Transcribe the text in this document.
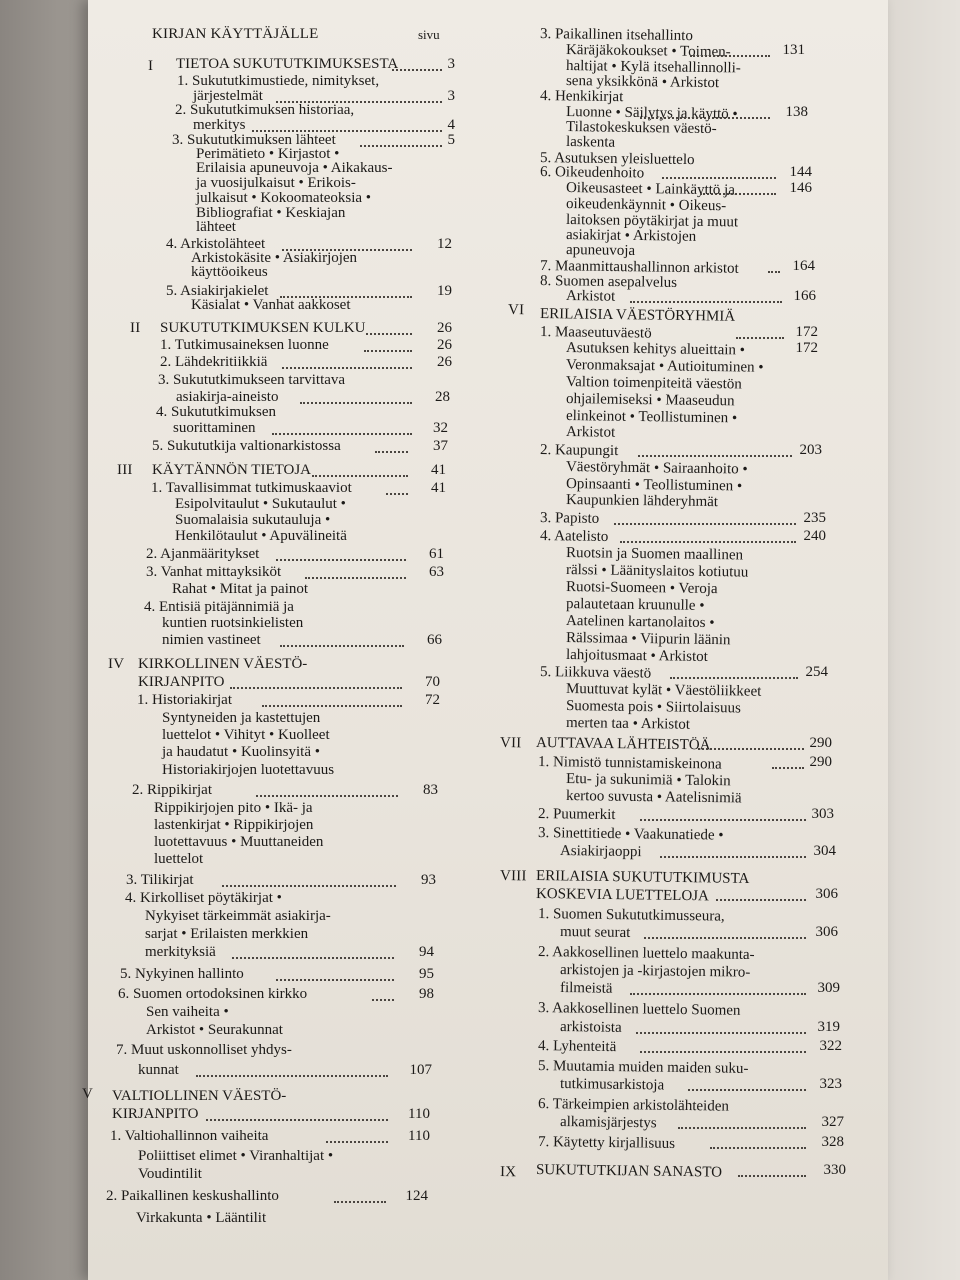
KIRJAN KÄYTTÄJÄLLE	sivu
I TIETOA SUKUTUTKIMUKSESTA	3
1. Sukututkimustiede, nimitykset,
järjestelmät	3
2. Sukututkimuksen historiaa,
merkitys	4
3. Sukututkimuksen lähteet	5
Perimätieto • Kirjastot •
Erilaisia apuneuvoja • Aikakaus-
ja vuosijulkaisut • Erikois-
julkaisut • Kokoomateoksia •
Bibliografiat • Keskiajan
lähteet
4. Arkistolähteet	12
Arkistokäsite • Asiakirjojen
käyttöoikeus
5. Asiakirjakielet	19
Käsialat • Vanhat aakkoset
II SUKUTUTKIMUKSEN KULKU	26
1. Tutkimusaineksen luonne	26
2. Lähdekritiikkiä	26
3. Sukututkimukseen tarvittava
asiakirja-aineisto	28
4. Sukututkimuksen
suorittaminen	32
5. Sukututkija valtionarkistossa	37
III KÄYTÄNNÖN TIETOJA	41
1. Tavallisimmat tutkimuskaaviot	41
Esipolvitaulut • Sukutaulut •
Suomalaisia sukutauluja •
Henkilötaulut • Apuvälineitä
2. Ajanmääritykset	61
3. Vanhat mittayksiköt	63
Rahat • Mitat ja painot
4. Entisiä pitäjännimiä ja
kuntien ruotsinkielisten
nimien vastineet	66
IV KIRKOLLINEN VÄESTÖ-
KIRJANPITO	70
1. Historiakirjat	72
Syntyneiden ja kastettujen
luettelot • Vihityt • Kuolleet
ja haudatut • Kuolinsyitä •
Historiakirjojen luotettavuus
2. Rippikirjat	83
Rippikirjojen pito • Ikä- ja
lastenkirjat • Rippikirjojen
luotettavuus • Muuttaneiden
luettelot
3. Tilikirjat	93
4. Kirkolliset pöytäkirjat •
Nykyiset tärkeimmät asiakirja-
sarjat • Erilaisten merkkien
merkityksiä	94
5. Nykyinen hallinto	95
6. Suomen ortodoksinen kirkko	98
Sen vaiheita •
Arkistot • Seurakunnat
7. Muut uskonnolliset yhdys-
kunnat	107
V VALTIOLLINEN VÄESTÖ-
KIRJANPITO	110
1. Valtiohallinnon vaiheita	110
Poliittiset elimet • Viranhaltijat •
Voudintilit
2. Paikallinen keskushallinto	124
Virkakunta • Lääntilit
3. Paikallinen itsehallinto
Käräjäkokoukset • Toimen-	131
haltijat • Kylä itsehallinnolli-
sena yksikkönä • Arkistot
4. Henkikirjat
Luonne • Säilytys ja käyttö •	138
Tilastokeskuksen väestö-
laskenta
5. Asutuksen yleisluettelo
6. Oikeudenhoito	144
Oikeusasteet • Lainkäyttö ja	146
oikeudenkäynnit • Oikeus-
laitoksen pöytäkirjat ja muut
asiakirjat • Arkistojen
apuneuvoja
7. Maanmittaushallinnon arkistot	164
8. Suomen asepalvelus
Arkistot	166
VI ERILAISIA VÄESTÖRYHMIÄ
1. Maaseutuväestö	172
Asutuksen kehitys alueittain •	172
Veronmaksajat • Autioituminen •
Valtion toimenpiteitä väestön
ohjailemiseksi • Maaseudun
elinkeinot • Teollistuminen •
Arkistot
2. Kaupungit	203
Väestöryhmät • Sairaanhoito •
Opinsaanti • Teollistuminen •
Kaupunkien lähderyhmät
3. Papisto	235
4. Aatelisto	240
Ruotsin ja Suomen maallinen
rälssi • Läänityslaitos kotiutuu
Ruotsi-Suomeen • Veroja
palautetaan kruunulle •
Aatelinen kartanolaitos •
Rälssimaa • Viipurin läänin
lahjoitusmaat • Arkistot
5. Liikkuva väestö	254
Muuttuvat kylät • Väestöliikkeet
Suomesta pois • Siirtolaisuus
merten taa • Arkistot
VII AUTTAVAA LÄHTEISTÖÄ	290
1. Nimistö tunnistamiskeinona	290
Etu- ja sukunimiä • Talokin
kertoo suvusta • Aatelisnimiä
2. Puumerkit	303
3. Sinettitiede • Vaakunatiede •
Asiakirjaoppi	304
VIII ERILAISIA SUKUTUTKIMUSTA
KOSKEVIA LUETTELOJA	306
1. Suomen Sukututkimusseura,
muut seurat	306
2. Aakkosellinen luettelo maakunta-
arkistojen ja -kirjastojen mikro-
filmeistä	309
3. Aakkosellinen luettelo Suomen
arkistoista	319
4. Lyhenteitä	322
5. Muutamia muiden maiden suku-
tutkimusarkistoja	323
6. Tärkeimpien arkistolähteiden
alkamisjärjestys	327
7. Käytetty kirjallisuus	328
IX SUKUTUTKIJAN SANASTO	330
